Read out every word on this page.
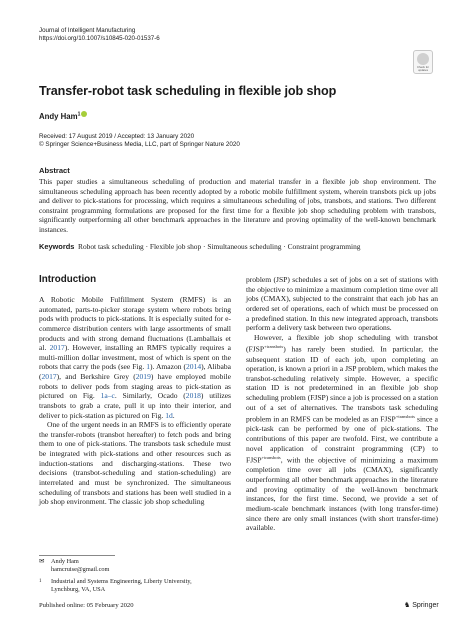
Journal of Intelligent Manufacturing
https://doi.org/10.1007/s10845-020-01537-6
Check for updates
Transfer-robot task scheduling in flexible job shop
Andy Ham$^1$
Received: 17 August 2019 / Accepted: 13 January 2020
© Springer Science+Business Media, LLC, part of Springer Nature 2020
Abstract
This paper studies a simultaneous scheduling of production and material transfer in a flexible job shop environment. The simultaneous scheduling approach has been recently adopted by a robotic mobile fulfillment system, wherein transbots pick up jobs and deliver to pick-stations for processing, which requires a simultaneous scheduling of jobs, transbots, and stations. Two different constraint programming formulations are proposed for the first time for a flexible job shop scheduling problem with transbots, significantly outperforming all other benchmark approaches in the literature and proving optimality of the well-known benchmark instances.
Keywords Robot task scheduling · Flexible job shop · Simultaneous scheduling · Constraint programming
Introduction

A Robotic Mobile Fulfillment System (RMFS) is an automated, parts-to-picker storage system where robots bring pods with products to pick-stations. It is especially suited for e-commerce distribution centers with large assortments of small products and with strong demand fluctuations (Lamballais et al. 2017). However, installing an RMFS typically requires a multi-million dollar investment, most of which is spent on the robots that carry the pods (see Fig. 1). Amazon (2014), Alibaba (2017), and Berkshire Grey (2019) have employed mobile robots to deliver pods from staging areas to pick-station as pictured on Fig. 1a–c. Similarly, Ocado (2018) utilizes transbots to grab a crate, pull it up into their interior, and deliver to pick-station as pictured on Fig. 1d.

One of the urgent needs in an RMFS is to efficiently operate the transfer-robots (transbot hereafter) to fetch pods and bring them to one of pick-stations. The transbots task schedule must be integrated with pick-stations and other resources such as induction-stations and discharging-stations. These two decisions (transbot-scheduling and station-scheduling) are interrelated and must be synchronized. The simultaneous scheduling of transbots and stations has been well studied in a job shop environment. The classic job shop scheduling

problem (JSP) schedules a set of jobs on a set of stations with the objective to minimize a maximum completion time over all jobs (CMAX), subjected to the constraint that each job has an ordered set of operations, each of which must be processed on a predefined station. In this new integrated approach, transbots perform a delivery task between two operations.

However, a flexible job shop scheduling with transbot $(FJSP^{+transbots})$ has rarely been studied. In particular, the subsequent station ID of each job, upon completing an operation, is known a priori in a JSP problem, which makes the transbot-scheduling relatively simple. However, a specific station ID is not predetermined in an flexible job shop scheduling problem (FJSP) since a job is processed on a station out of a set of alternatives. The transbots task scheduling problem in an RMFS can be modeled as an $FJSP^{+transbots}$ since a pick-task can be performed by one of pick-stations. The contributions of this paper are twofold. First, we contribute a novel application of constraint programming (CP) to $FJSP^{+transbots}$, with the objective of minimizing a maximum completion time over all jobs (CMAX), significantly outperforming all other benchmark approaches in the literature and proving optimality of the well-known benchmark instances, for the first time. Second, we provide a set of medium-scale benchmark instances (with long transfer-time) since there are only small instances (with short transfer-time) available.

✉	Andy Ham
hamcruise@gmail.com
1	Industrial and Systems Engineering, Liberty University,
Lynchburg, VA, USA
Published online: 05 February 2020	♞ Springer
